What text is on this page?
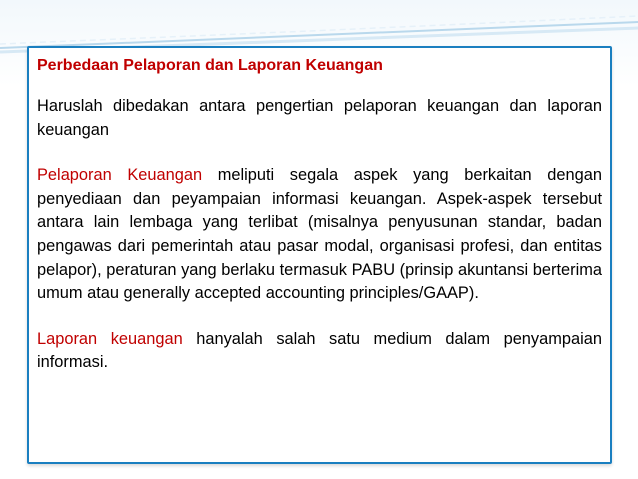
Perbedaan Pelaporan dan Laporan Keuangan

Haruslah dibedakan antara pengertian pelaporan keuangan dan laporan keuangan

Pelaporan Keuangan meliputi segala aspek yang berkaitan dengan penyediaan dan peyampaian informasi keuangan. Aspek-aspek tersebut antara lain lembaga yang terlibat (misalnya penyusunan standar, badan pengawas dari pemerintah atau pasar modal, organisasi profesi, dan entitas pelapor), peraturan yang berlaku termasuk PABU (prinsip akuntansi berterima umum atau generally accepted accounting principles/GAAP).

Laporan keuangan hanyalah salah satu medium dalam penyampaian informasi.
